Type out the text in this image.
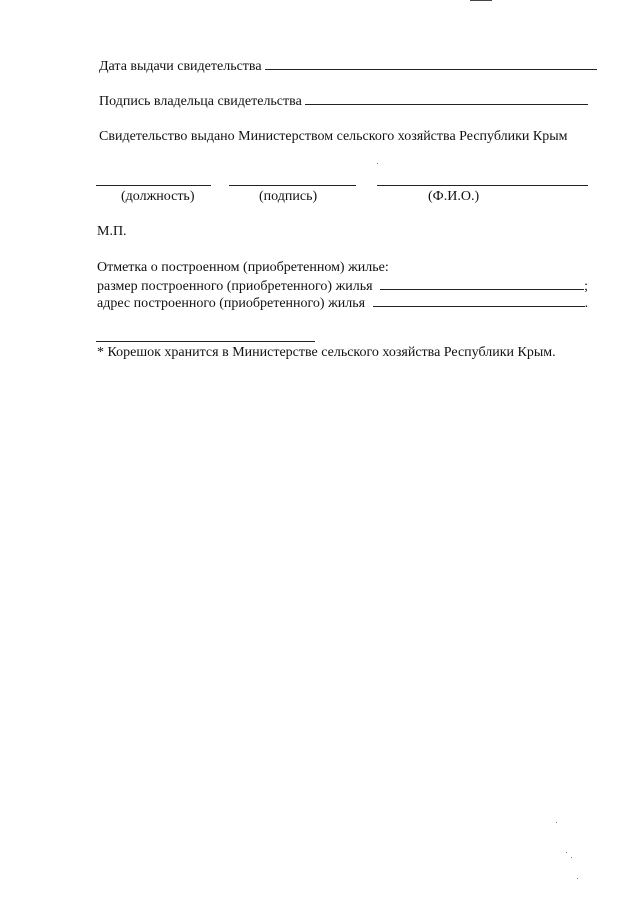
Дата выдачи свидетельства
Подпись владельца свидетельства
Свидетельство выдано Министерством сельского хозяйства Республики Крым
(должность)	(подпись)	(Ф.И.О.)
М.П.
Отметка о построенном (приобретенном) жилье:
размер построенного (приобретенного) жилья	;
адрес построенного (приобретенного) жилья	.
* Корешок хранится в Министерстве сельского хозяйства Республики Крым.
